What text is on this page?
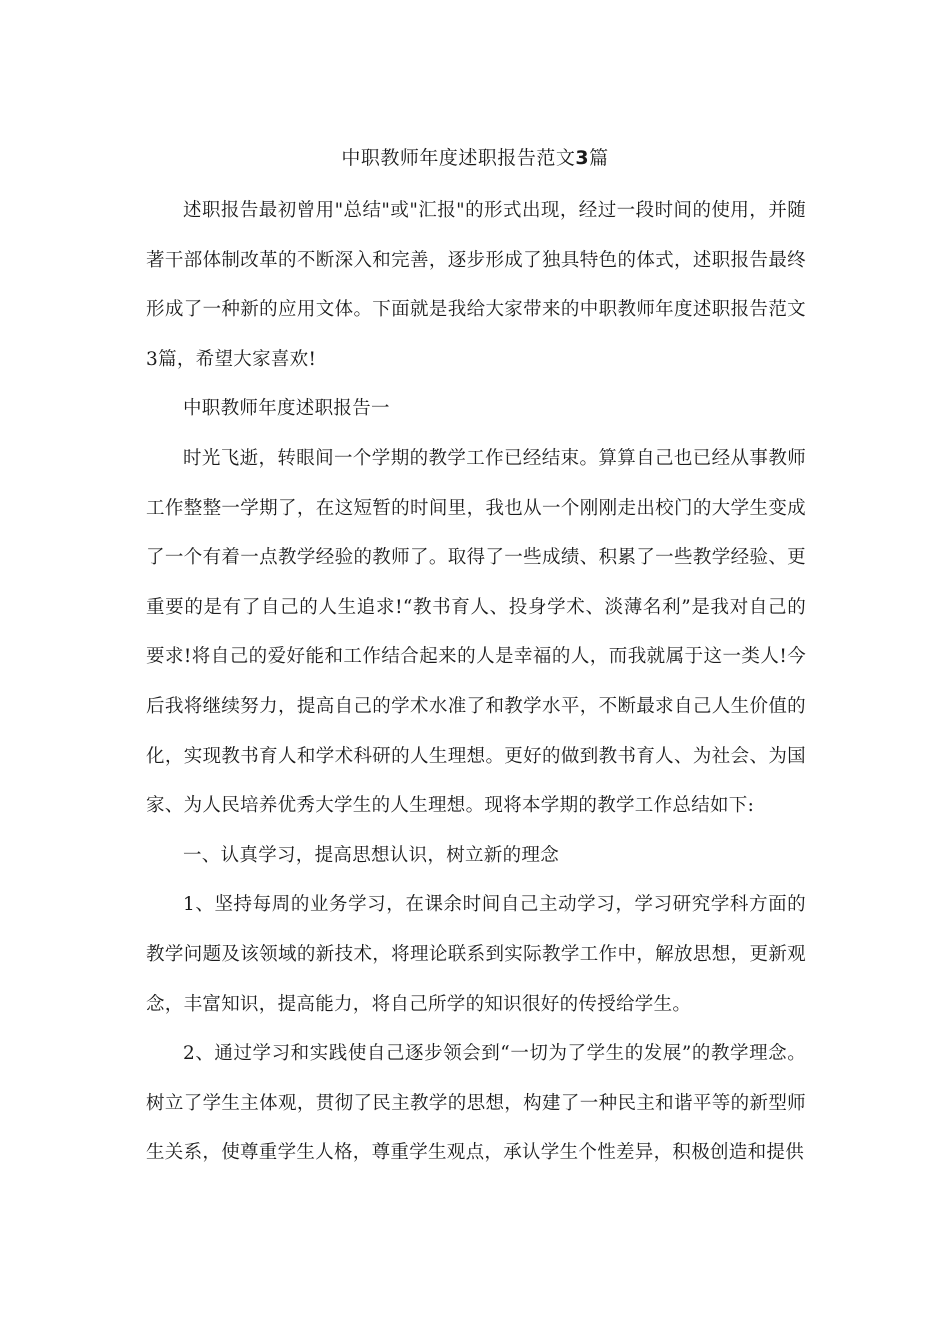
中职教师年度述职报告范文3篇

述职报告最初曾用"总结"或"汇报"的形式出现，经过一段时间的使用，并随著干部体制改革的不断深入和完善，逐步形成了独具特色的体式，述职报告最终形成了一种新的应用文体。下面就是我给大家带来的中职教师年度述职报告范文3篇，希望大家喜欢!

中职教师年度述职报告一

时光飞逝，转眼间一个学期的教学工作已经结束。算算自己也已经从事教师工作整整一学期了，在这短暂的时间里，我也从一个刚刚走出校门的大学生变成了一个有着一点教学经验的教师了。取得了一些成绩、积累了一些教学经验、更重要的是有了自己的人生追求!“教书育人、投身学术、淡薄名利”是我对自己的要求!将自己的爱好能和工作结合起来的人是幸福的人，而我就属于这一类人!今后我将继续努力，提高自己的学术水准了和教学水平，不断最求自己人生价值的化，实现教书育人和学术科研的人生理想。更好的做到教书育人、为社会、为国家、为人民培养优秀大学生的人生理想。现将本学期的教学工作总结如下:

一、认真学习，提高思想认识，树立新的理念

1、坚持每周的业务学习，在课余时间自己主动学习，学习研究学科方面的教学问题及该领域的新技术，将理论联系到实际教学工作中，解放思想，更新观念，丰富知识，提高能力，将自己所学的知识很好的传授给学生。

2、通过学习和实践使自己逐步领会到“一切为了学生的发展”的教学理念。树立了学生主体观，贯彻了民主教学的思想，构建了一种民主和谐平等的新型师生关系，使尊重学生人格，尊重学生观点，承认学生个性差异，积极创造和提供
